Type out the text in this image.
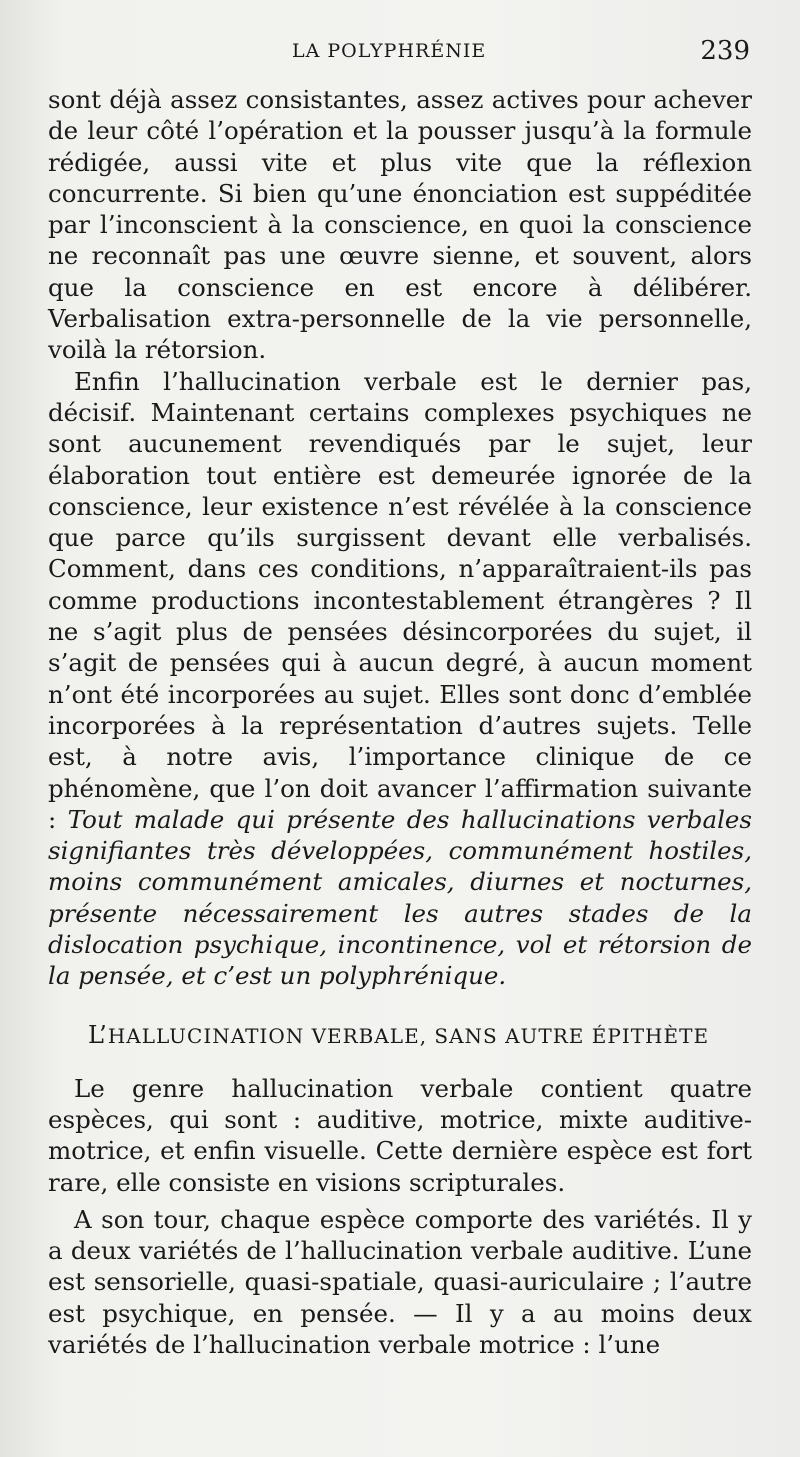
LA POLYPHRÉNIE	239

sont déjà assez consistantes, assez actives pour achever de leur côté l’opération et la pousser jusqu’à la formule rédigée, aussi vite et plus vite que la réflexion concurrente. Si bien qu’une énonciation est suppéditée par l’inconscient à la conscience, en quoi la conscience ne reconnaît pas une œuvre sienne, et souvent, alors que la conscience en est encore à délibérer. Verbalisation extra-personnelle de la vie personnelle, voilà la rétorsion.

Enfin l’hallucination verbale est le dernier pas, décisif. Maintenant certains complexes psychiques ne sont aucunement revendiqués par le sujet, leur élaboration tout entière est demeurée ignorée de la conscience, leur existence n’est révélée à la conscience que parce qu’ils surgissent devant elle verbalisés. Comment, dans ces conditions, n’apparaîtraient-ils pas comme productions incontestablement étrangères ? Il ne s’agit plus de pensées désincorporées du sujet, il s’agit de pensées qui à aucun degré, à aucun moment n’ont été incorporées au sujet. Elles sont donc d’emblée incorporées à la représentation d’autres sujets. Telle est, à notre avis, l’importance clinique de ce phénomène, que l’on doit avancer l’affirmation suivante : Tout malade qui présente des hallucinations verbales signifiantes très développées, communément hostiles, moins communément amicales, diurnes et nocturnes, présente nécessairement les autres stades de la dislocation psychique, incontinence, vol et rétorsion de la pensée, et c’est un polyphrénique.

L’HALLUCINATION VERBALE, SANS AUTRE ÉPITHÈTE

Le genre hallucination verbale contient quatre espèces, qui sont : auditive, motrice, mixte auditive-motrice, et enfin visuelle. Cette dernière espèce est fort rare, elle consiste en visions scripturales.

A son tour, chaque espèce comporte des variétés. Il y a deux variétés de l’hallucination verbale auditive. L’une est sensorielle, quasi-spatiale, quasi-auriculaire ; l’autre est psychique, en pensée. — Il y a au moins deux variétés de l’hallucination verbale motrice : l’une
